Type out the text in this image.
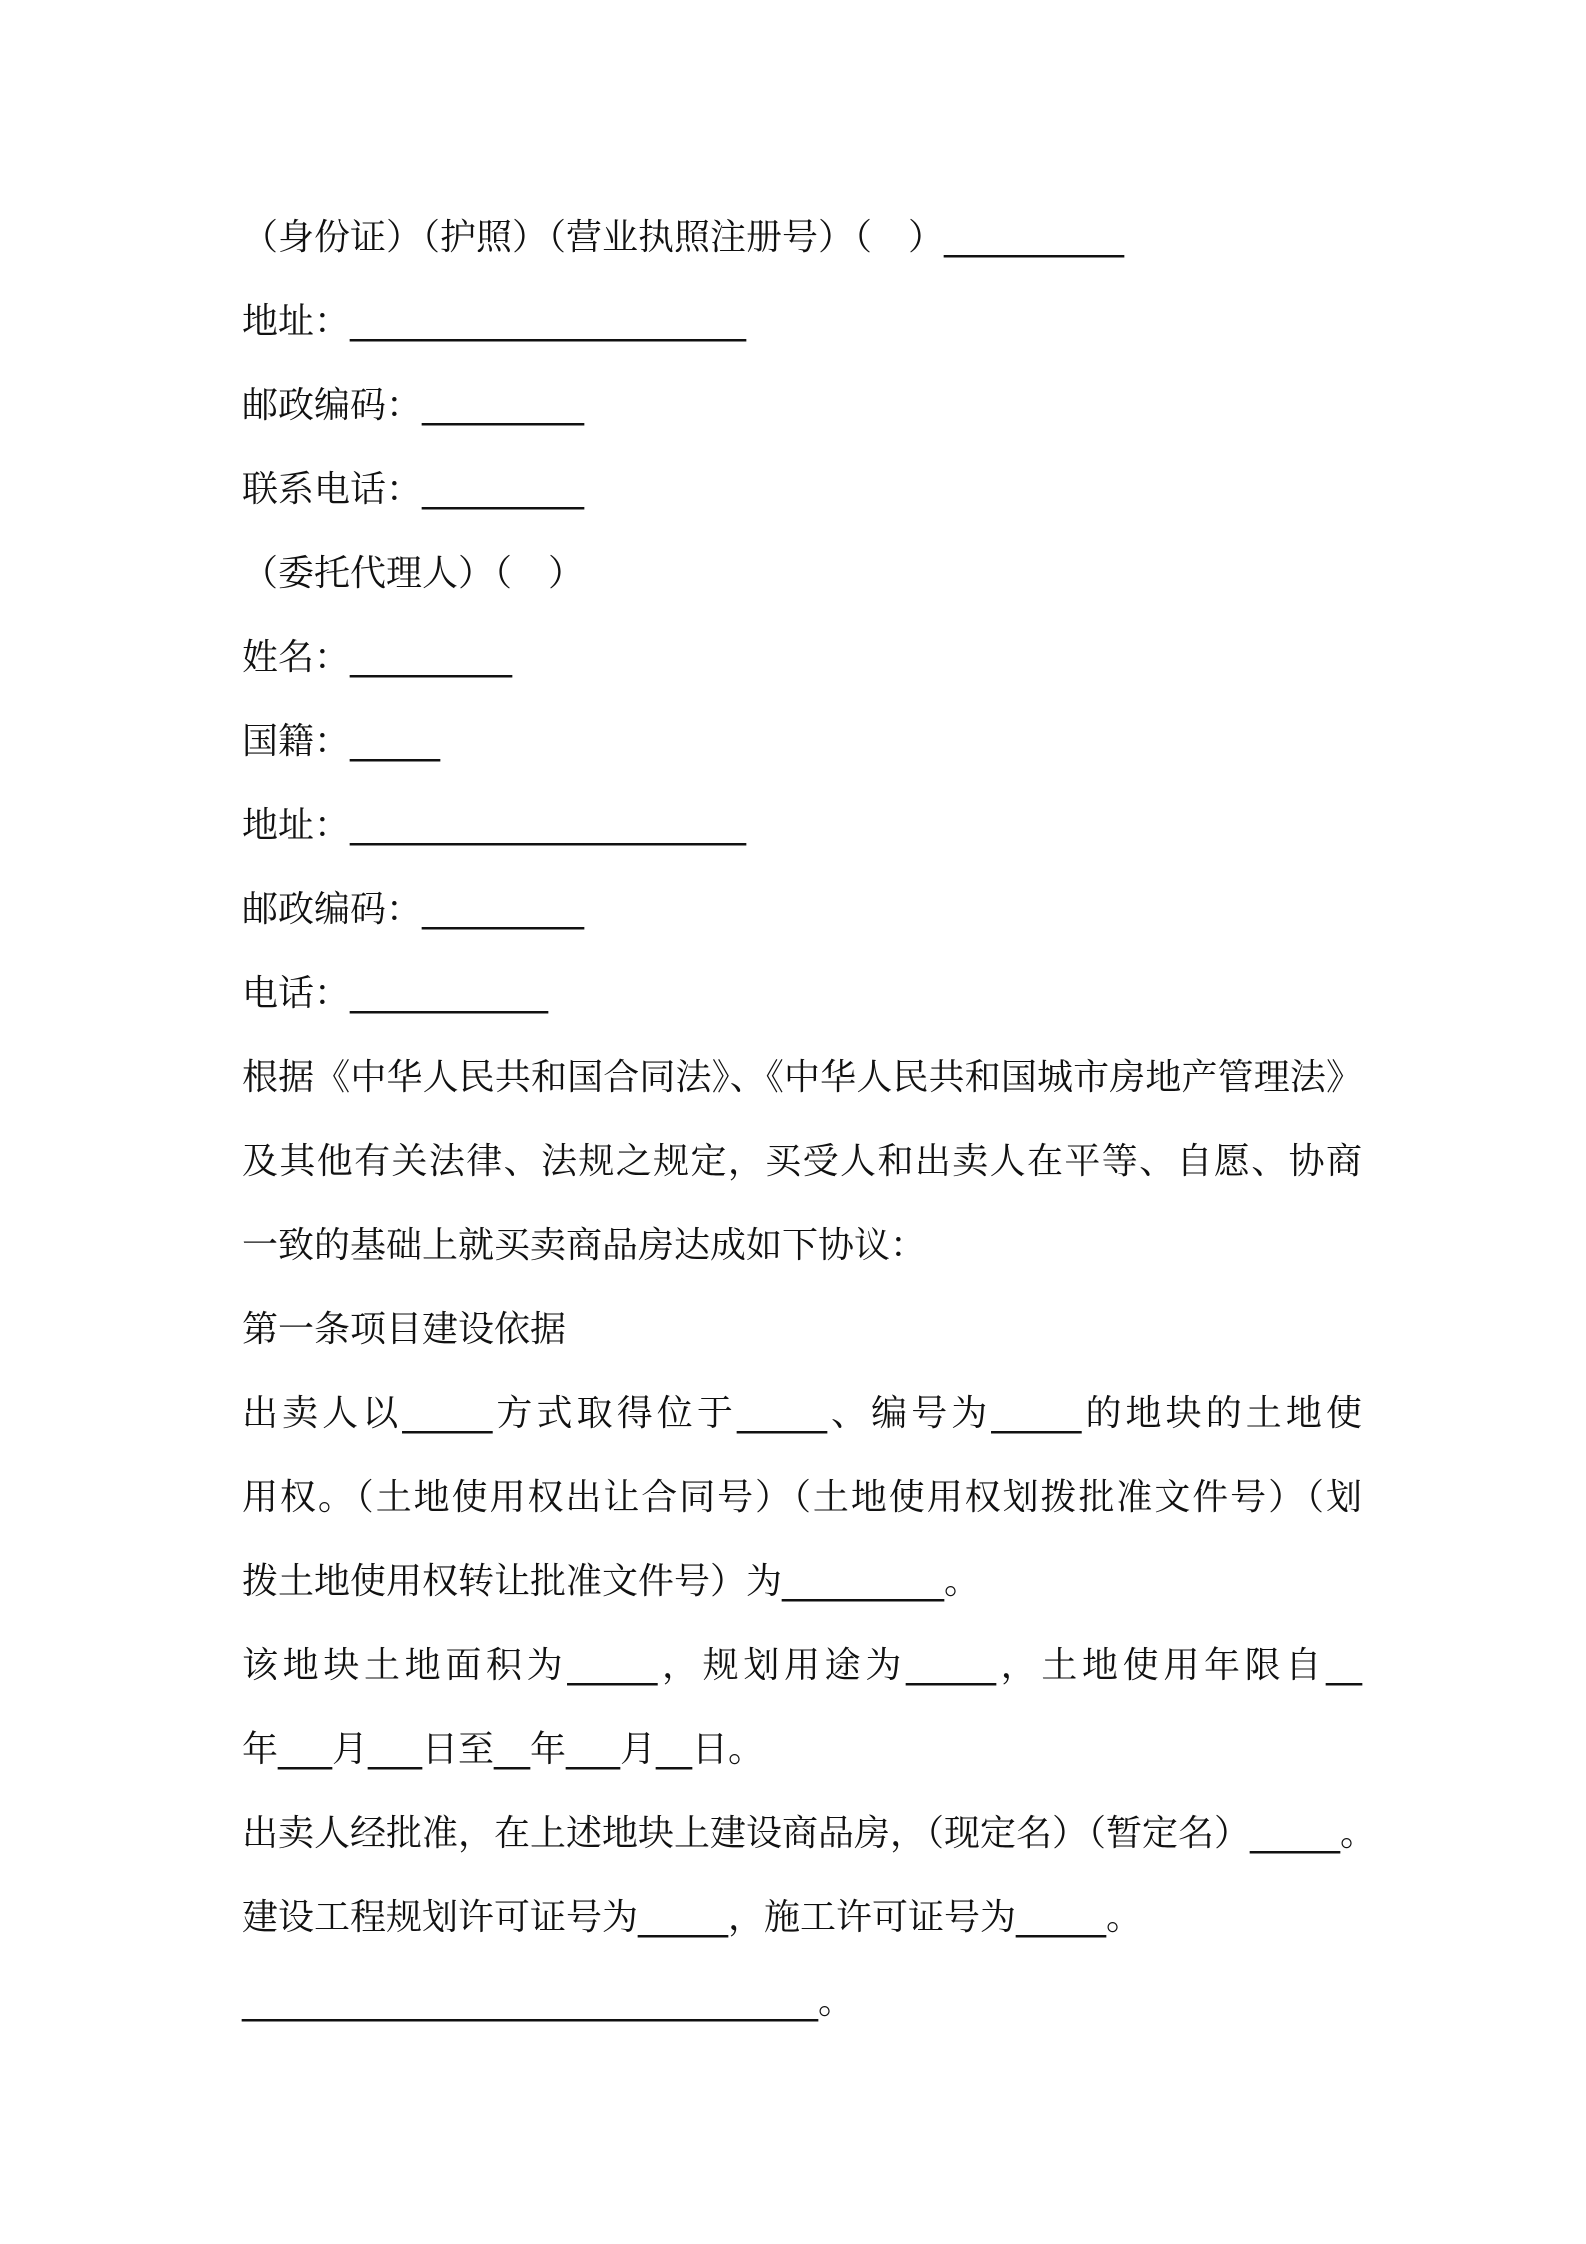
（身份证）（护照）（营业执照注册号）（　）__________
地址：______________________
邮政编码：_________
联系电话：_________
（委托代理人）（　）
姓名：_________
国籍：_____
地址：______________________
邮政编码：_________
电话：___________
根据《中华人民共和国合同法》、《中华人民共和国城市房地产管理法》
及其他有关法律、法规之规定，买受人和出卖人在平等、自愿、协商
一致的基础上就买卖商品房达成如下协议：
第一条项目建设依据
出卖人以_____方式取得位于_____、编号为_____的地块的土地使
用权。（土地使用权出让合同号）（土地使用权划拨批准文件号）（划
拨土地使用权转让批准文件号）为_________。
该地块土地面积为_____，规划用途为_____，土地使用年限自__
年___月___日至__年___月__日。
出卖人经批准，在上述地块上建设商品房，（现定名）（暂定名）_____。
建设工程规划许可证号为_____，施工许可证号为_____。
________________________________。
